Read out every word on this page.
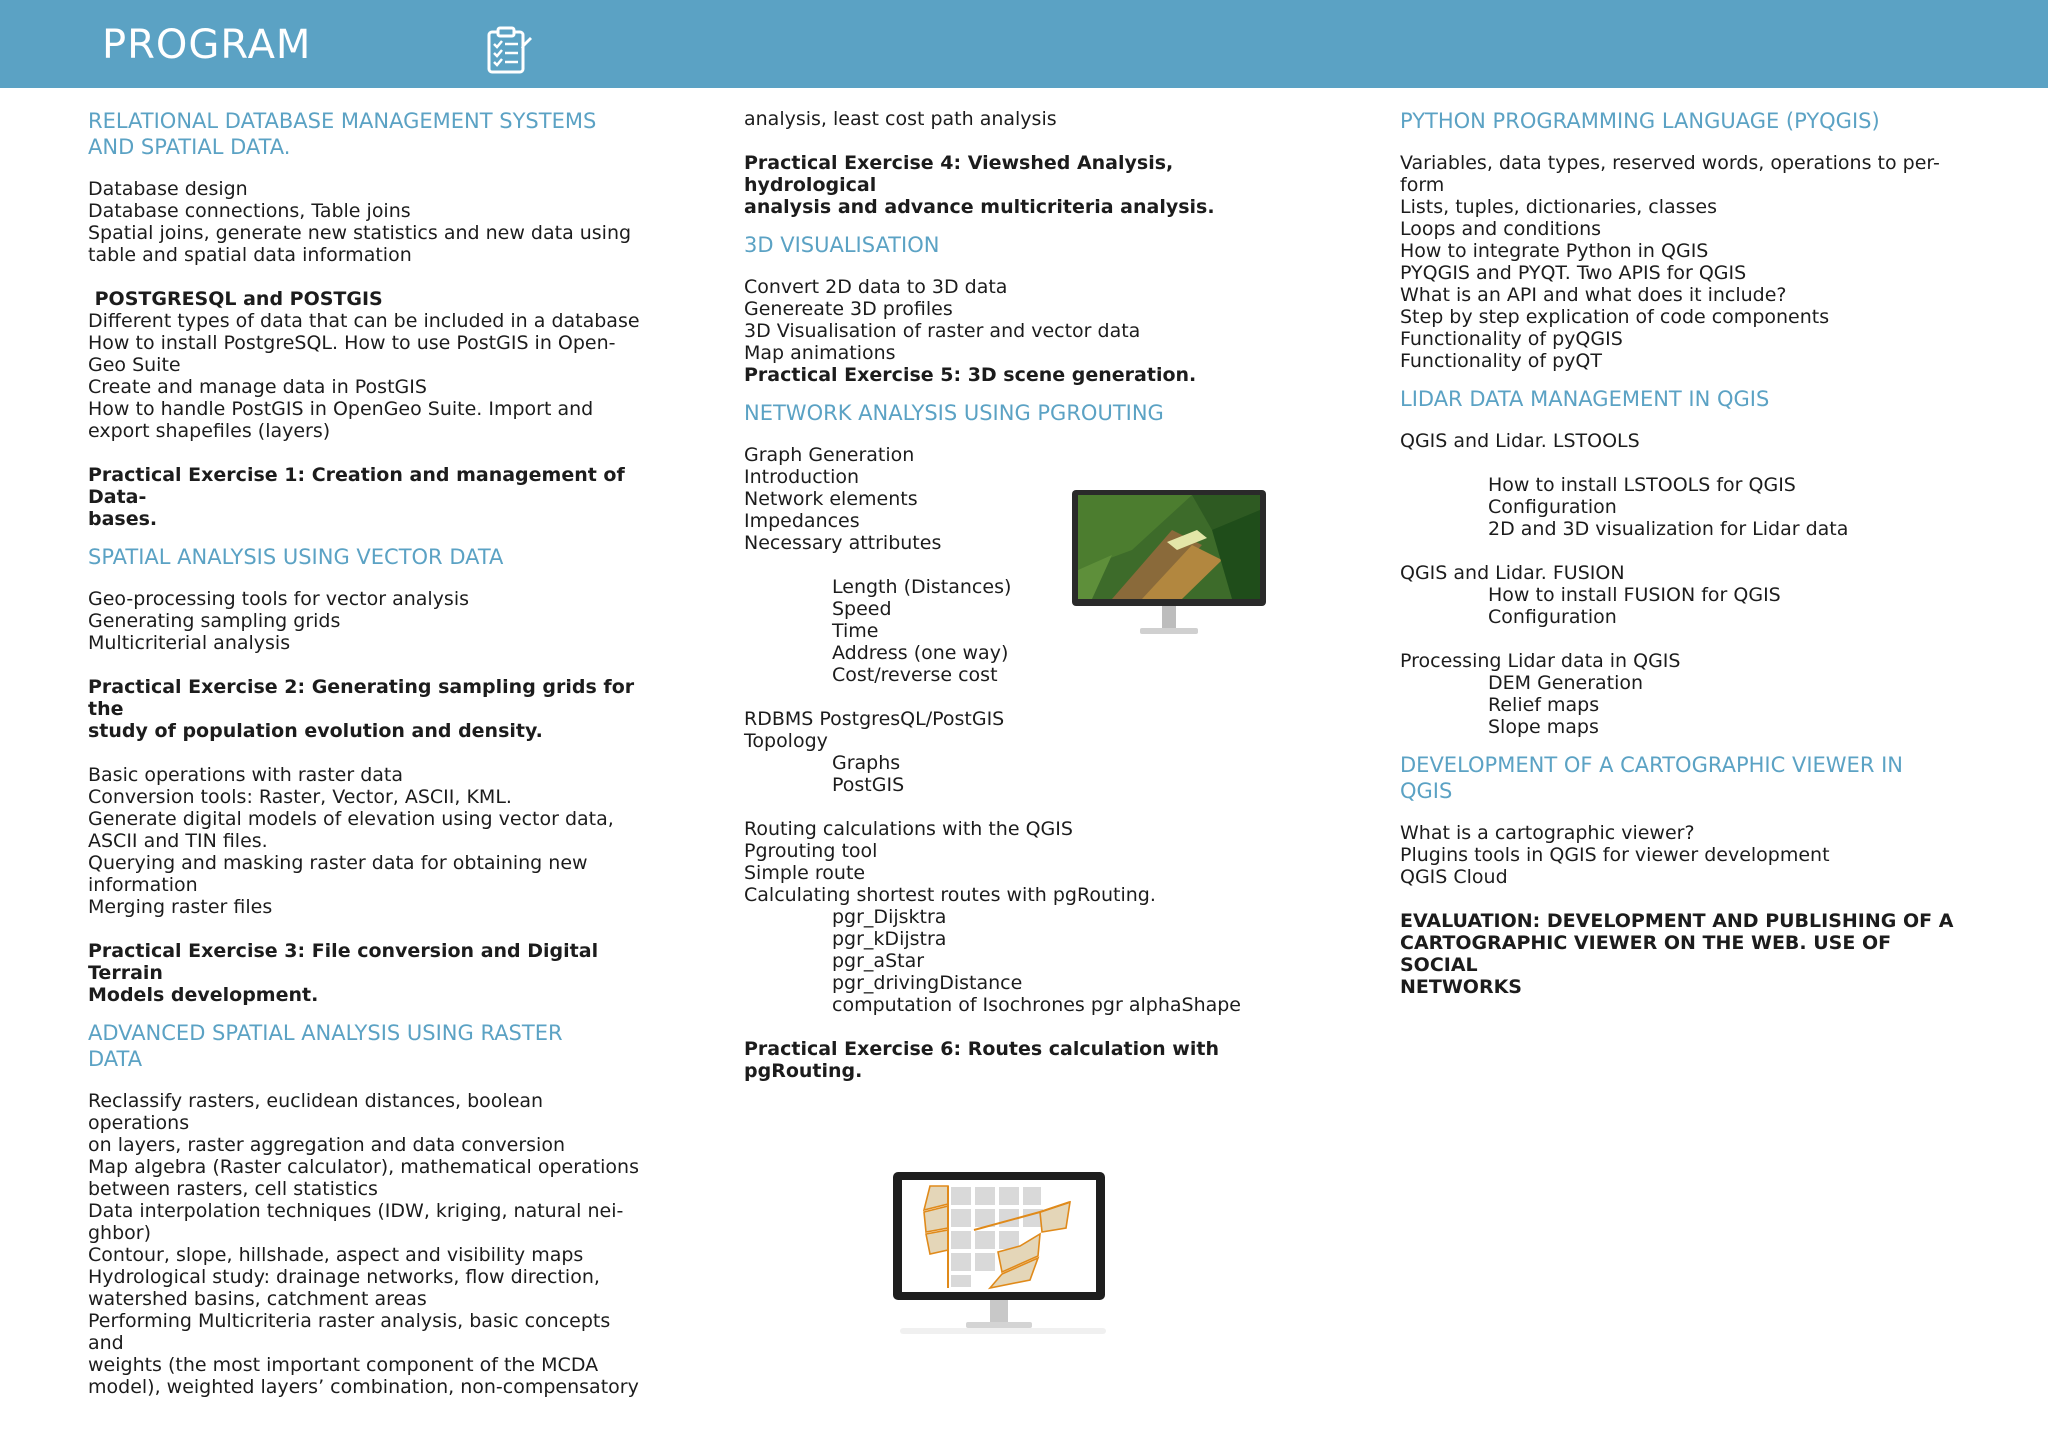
PROGRAM
RELATIONAL DATABASE MANAGEMENT SYSTEMS
AND SPATIAL DATA.
Database design
Database connections, Table joins
Spatial joins, generate new statistics and new data using
table and spatial data information
POSTGRESQL and POSTGIS
Different types of data that can be included in a database
How to install PostgreSQL. How to use PostGIS in Open-
Geo Suite
Create and manage data in PostGIS
How to handle PostGIS in OpenGeo Suite. Import and
export shapefiles (layers)
Practical Exercise 1: Creation and management of Data-
bases.
SPATIAL ANALYSIS USING VECTOR DATA
Geo-processing tools for vector analysis
Generating sampling grids
Multicriterial analysis
Practical Exercise 2: Generating sampling grids for the
study of population evolution and density.
Basic operations with raster data
Conversion tools: Raster, Vector, ASCII, KML.
Generate digital models of elevation using vector data,
ASCII and TIN files.
Querying and masking raster data for obtaining new
information
Merging raster files
Practical Exercise 3: File conversion and Digital Terrain
Models development.
ADVANCED SPATIAL ANALYSIS USING RASTER
DATA
Reclassify rasters, euclidean distances, boolean operations
on layers, raster aggregation and data conversion
Map algebra (Raster calculator), mathematical operations
between rasters, cell statistics
Data interpolation techniques (IDW, kriging, natural nei-
ghbor)
Contour, slope, hillshade, aspect and visibility maps
Hydrological study: drainage networks, flow direction,
watershed basins, catchment areas
Performing Multicriteria raster analysis, basic concepts and
weights (the most important component of the MCDA
model), weighted layers’ combination, non-compensatory
analysis, least cost path analysis
Practical Exercise 4: Viewshed Analysis, hydrological
analysis and advance multicriteria analysis.
3D VISUALISATION
Convert 2D data to 3D data
Genereate 3D profiles
3D Visualisation of raster and vector data
Map animations
Practical Exercise 5: 3D scene generation.
NETWORK ANALYSIS USING PGROUTING
Graph Generation
Introduction
Network elements
Impedances
Necessary attributes
Length (Distances)
Speed
Time
Address (one way)
Cost/reverse cost
RDBMS PostgresQL/PostGIS
Topology
Graphs
PostGIS
Routing calculations with the QGIS
Pgrouting tool
Simple route
Calculating shortest routes with pgRouting.
pgr_Dijsktra
pgr_kDijstra
pgr_aStar
pgr_drivingDistance
computation of Isochrones pgr alphaShape
Practical Exercise 6: Routes calculation with pgRouting.
PYTHON PROGRAMMING LANGUAGE (PYQGIS)
Variables, data types, reserved words, operations to per-
form
Lists, tuples, dictionaries, classes
Loops and conditions
How to integrate Python in QGIS
PYQGIS and PYQT. Two APIS for QGIS
What is an API and what does it include?
Step by step explication of code components
Functionality of pyQGIS
Functionality of pyQT
LIDAR DATA MANAGEMENT IN QGIS
QGIS and Lidar. LSTOOLS
How to install LSTOOLS for QGIS
Configuration
2D and 3D visualization for Lidar data
QGIS and Lidar. FUSION
How to install FUSION for QGIS
Configuration
Processing Lidar data in QGIS
DEM Generation
Relief maps
Slope maps
DEVELOPMENT OF A CARTOGRAPHIC VIEWER IN
QGIS
What is a cartographic viewer?
Plugins tools in QGIS for viewer development
QGIS Cloud
EVALUATION: DEVELOPMENT AND PUBLISHING OF A
CARTOGRAPHIC VIEWER ON THE WEB. USE OF SOCIAL
NETWORKS
